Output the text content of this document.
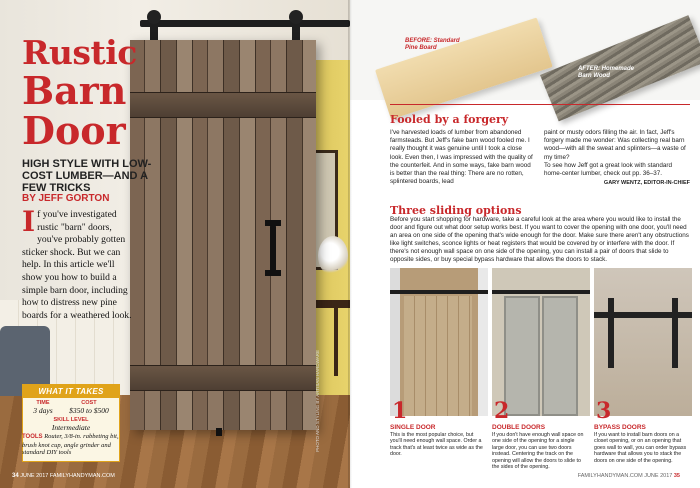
Rustic
Barn
Door
HIGH STYLE WITH LOW-COST LUMBER—AND A FEW TRICKS
BY JEFF GORTON
If you've investigated rustic "barn" doors, you've probably gotten sticker shock. But we can help. In this article we'll show you how to build a simple barn door, including how to distress new pine boards for a weathered look.
WHAT IT TAKES
TIME
3 days
COST
$350 to $500
SKILL LEVEL
Intermediate
TOOLS Router, 3/8-in. rabbeting bit, brush knot cup, angle grinder and standard DIY tools
PHOTO AND STYLING BY ARTISAN HARDWARE
34 JUNE 2017 FAMILYHANDYMAN.COM
BEFORE: Standard Pine Board
AFTER: Homemade Barn Wood
Fooled by a forgery
I've harvested loads of lumber from abandoned farmsteads. But Jeff's fake barn wood fooled me. I really thought it was genuine until I took a close look. Even then, I was impressed with the quality of the counterfeit. And in some ways, fake barn wood is better than the real thing: There are no rotten, splintered boards, lead
paint or musty odors filling the air. In fact, Jeff's forgery made me wonder: Was collecting real barn wood—with all the sweat and splinters—a waste of my time?
To see how Jeff got a great look with standard home-center lumber, check out pp. 36–37.
GARY WENTZ, EDITOR-IN-CHIEF
Three sliding options
Before you start shopping for hardware, take a careful look at the area where you would like to install the door and figure out what door setup works best. If you want to cover the opening with one door, you'll need an area on one side of the opening that's wide enough for the door. Make sure there aren't any obstructions like light switches, sconce lights or heat registers that would be covered by or interfere with the door. If there's not enough wall space on one side of the opening, you can install a pair of doors that slide to opposite sides, or buy special bypass hardware that allows the doors to stack.
1
SINGLE DOOR
This is the most popular choice, but you'll need enough wall space. Order a track that's at least twice as wide as the door.
2
DOUBLE DOORS
If you don't have enough wall space on one side of the opening for a single large door, you can use two doors instead. Centering the track on the opening will allow the doors to slide to the sides of the opening.
3
BYPASS DOORS
If you want to install barn doors on a closet opening, or on an opening that goes wall to wall, you can order bypass hardware that allows you to stack the doors on one side of the opening.
FAMILYHANDYMAN.COM JUNE 2017 35
